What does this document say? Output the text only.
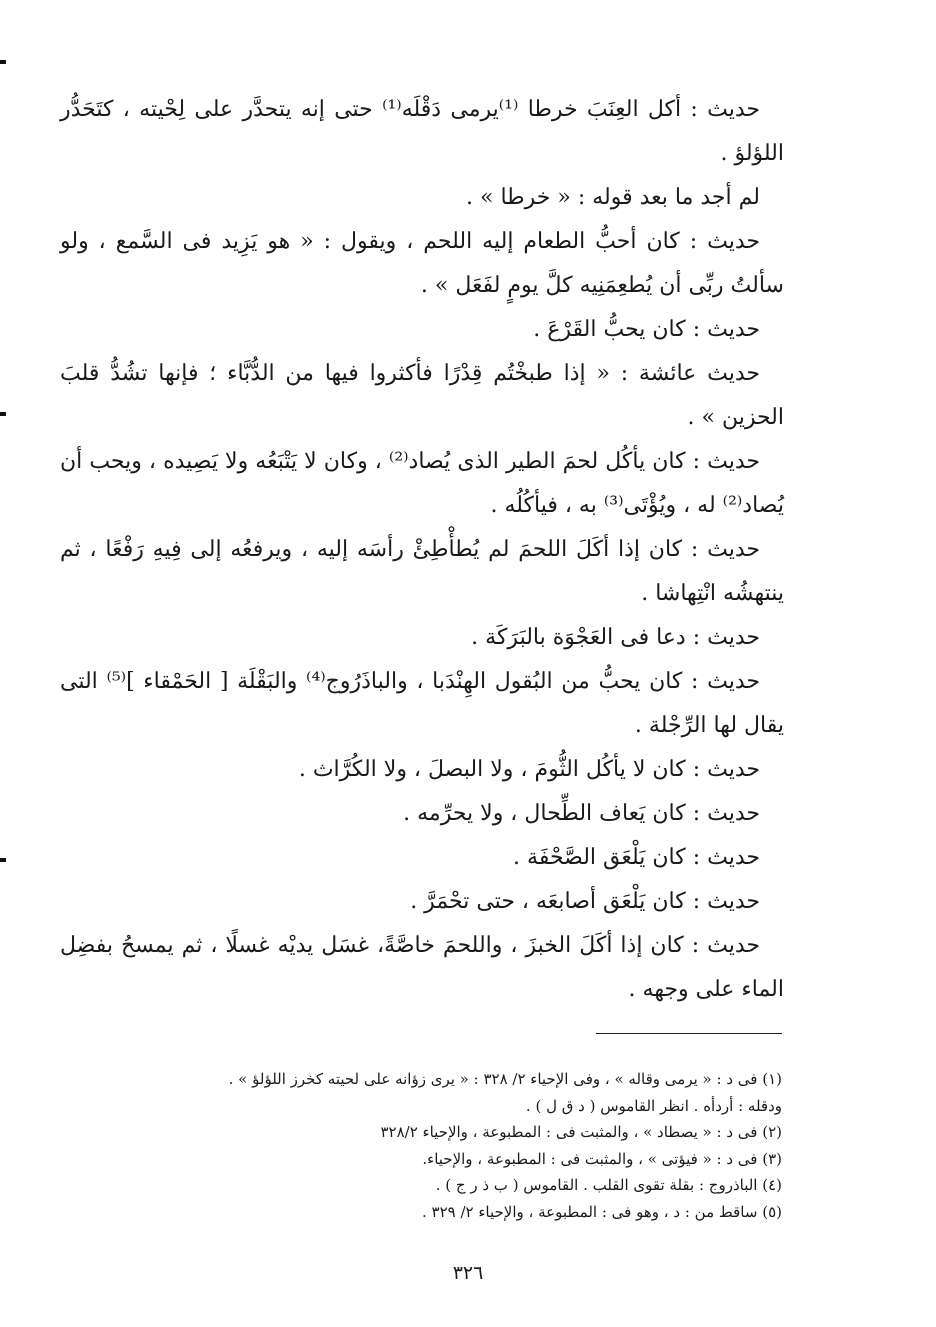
حديث : أكل العِنَبَ خرطا ⁽¹⁾يرمى دَقْلَه⁽¹⁾ حتى إنه يتحدَّر على لِحْيته ، كتَحَدُّر اللؤلؤ .

لم أجد ما بعد قوله : « خرطا » .

حديث : كان أحبُّ الطعام إليه اللحم ، ويقول : « هو يَزِيد فى السَّمع ، ولو سألتُ ربِّى أن يُطعِمَنِيه كلَّ يومٍ لفَعَل » .

حديث : كان يحبُّ القَرْعَ .

حديث عائشة : « إذا طبخْتُم قِدْرًا فأكثروا فيها من الدُّبَّاء ؛ فإنها تشُدُّ قلبَ الحزين » .

حديث : كان يأكُل لحمَ الطير الذى يُصاد⁽²⁾ ، وكان لا يَتْبَعُه ولا يَصِيده ، ويحب أن يُصاد⁽²⁾ له ، ويُؤْتَى⁽³⁾ به ، فيأكُلُه .

حديث : كان إذا أكَلَ اللحمَ لم يُطأْطِئْ رأسَه إليه ، ويرفعُه إلى فِيهِ رَفْعًا ، ثم ينتهشُه انْتِهاشا .

حديث : دعا فى العَجْوَة بالبَرَكَة .

حديث : كان يحبُّ من البُقول الهِنْدَبا ، والباذَرُوج⁽⁴⁾ والبَقْلَة [ الحَمْقاء ]⁽⁵⁾ التى يقال لها الرِّجْلة .

حديث : كان لا يأكُل الثُّومَ ، ولا البصلَ ، ولا الكُرَّاث .

حديث : كان يَعاف الطِّحال ، ولا يحرِّمه .

حديث : كان يَلْعَق الصَّحْفَة .

حديث : كان يَلْعَق أصابعَه ، حتى تحْمَرَّ .

حديث : كان إذا أكَلَ الخبزَ ، واللحمَ خاصَّةً، غسَل يديْه غسلًا ، ثم يمسحُ بفضِل الماء على وجهه .

(١) فى د : « يرمى وقاله » ، وفى الإحياء ٢/ ٣٢٨ : « يرى زؤانه على لحيته كخرز اللؤلؤ » .

ودقله : أردأه . انظر القاموس ( د ق ل ) .

(٢) فى د : « يصطاد » ، والمثبت فى : المطبوعة ، والإحياء ٣٢٨/٢

(٣) فى د : « فيؤتى » ، والمثبت فى : المطبوعة ، والإحياء.

(٤) الباذروج : بقلة تقوى القلب . القاموس ( ب ذ ر ج ) .

(٥) ساقط من : د ، وهو فى : المطبوعة ، والإحياء ٢/ ٣٢٩ .

٣٢٦
